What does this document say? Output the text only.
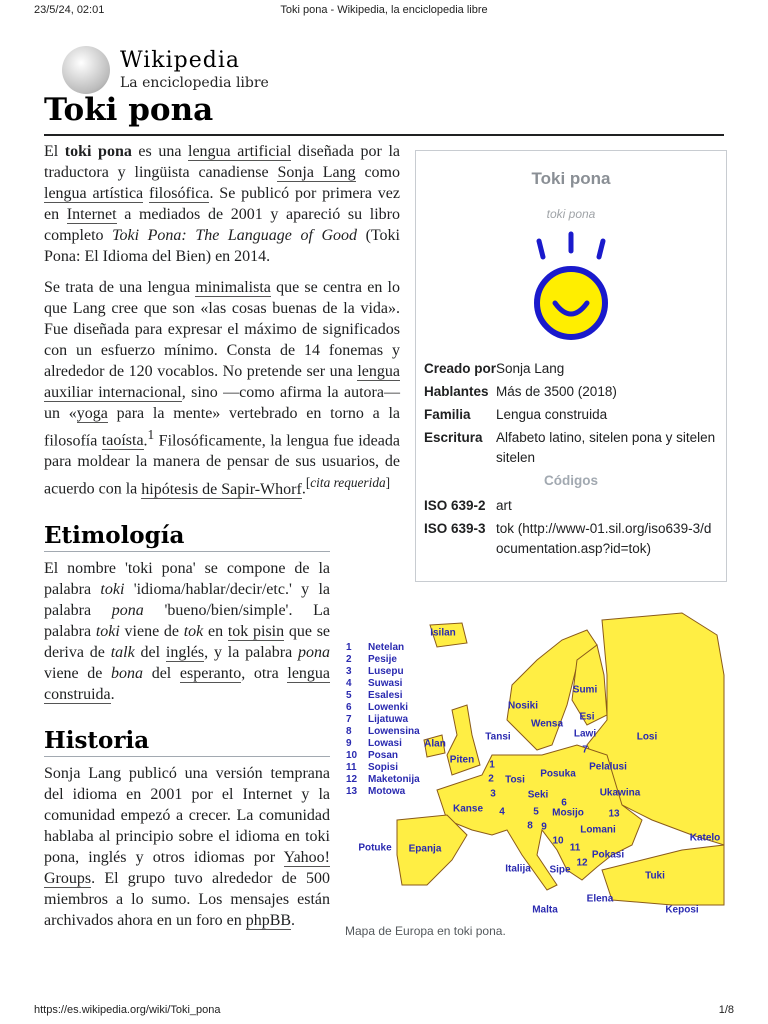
23/5/24, 02:01	Toki pona - Wikipedia, la enciclopedia libre
Wikipedia
La enciclopedia libre
Toki pona

El toki pona es una lengua artificial diseñada por la traductora y lingüista canadiense Sonja Lang como lengua artística filosófica. Se publicó por primera vez en Internet a mediados de 2001 y apareció su libro completo Toki Pona: The Language of Good (Toki Pona: El Idioma del Bien) en 2014.

Se trata de una lengua minimalista que se centra en lo que Lang cree que son «las cosas buenas de la vida». Fue diseñada para expresar el máximo de significados con un esfuerzo mínimo. Consta de 14 fonemas y alrededor de 120 vocablos. No pretende ser una lengua auxiliar internacional, sino —como afirma la autora— un «yoga para la mente» vertebrado en torno a la filosofía taoísta.$^1$ Filosóficamente, la lengua fue ideada para moldear la manera de pensar de sus usuarios, de acuerdo con la hipótesis de Sapir-Whorf.[cita requerida]

Etimología

El nombre 'toki pona' se compone de la palabra toki 'idioma/hablar/decir/etc.' y la palabra pona 'bueno/bien/simple'. La palabra toki viene de tok en tok pisin que se deriva de talk del inglés, y la palabra pona viene de bona del esperanto, otra lengua construida.

Historia

Sonja Lang publicó una versión temprana del idioma en 2001 por el Internet y la comunidad empezó a crecer. La comunidad hablaba al principio sobre el idioma en toki pona, inglés y otros idiomas por Yahoo! Groups. El grupo tuvo alrededor de 500 miembros a lo sumo. Los mensajes están archivados ahora en un foro en phpBB.

Toki pona
toki pona
Creado por Sonja Lang
Hablantes Más de 3500 (2018)
Familia	Lengua construida
Escritura Alfabeto latino, sitelen pona y sitelen sitelen
Códigos
ISO 639-2 art
ISO 639-3 tok (http://www-01.sil.org/iso639-3/documentation.asp?id=tok)
1 Netelan
2 Pesije
3 Lusepu
4 Suwasi
5 Esalesi
6 Lowenki
7 Lijatuwa
8 Lowensina
9 Lowasi
10 Posan
11 Sopisi
12 Maketonija
13 Motowa
Isilan
Sumi
Nosiki
Wensa
Esi
Tansi	Lawi	Losi
Alan
7
Piten
Pelalusi
1
2
3
4
Tosi
Posuka
Ukawina
Seki
6
5 Mosijo 13
Kanse
8 9	Lomani
10
11
Katelo
Potuke Epanja
Pokasi
12
Italija Sipe
Tuki
Elena
Malta	Keposi
Mapa de Europa en toki pona.
https://es.wikipedia.org/wiki/Toki_pona	1/8
